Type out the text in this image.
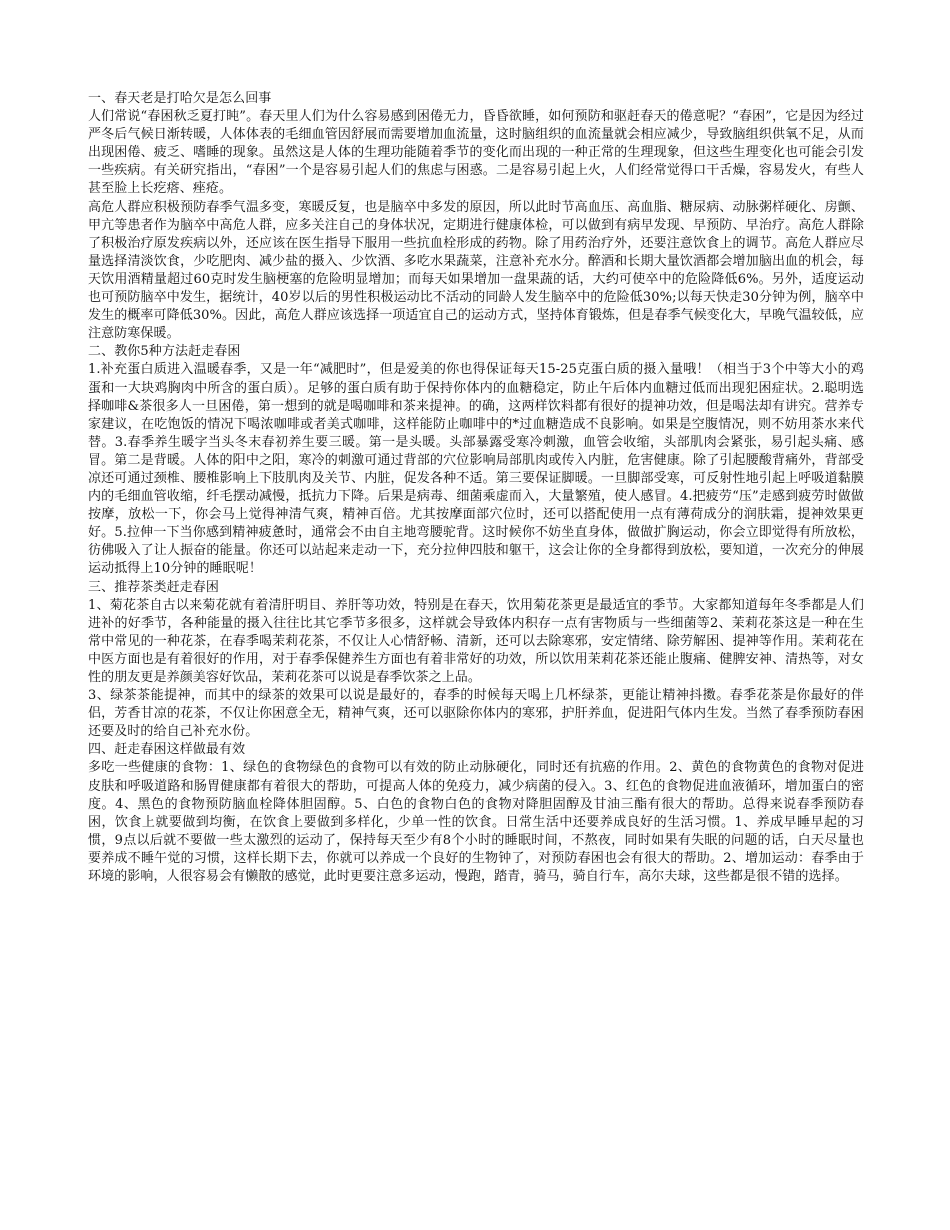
一、春天老是打哈欠是怎么回事

人们常说“春困秋乏夏打盹”。春天里人们为什么容易感到困倦无力，昏昏欲睡，如何预防和驱赶春天的倦意呢？“春困”，它是因为经过严冬后气候日渐转暖，人体体表的毛细血管因舒展而需要增加血流量，这时脑组织的血流量就会相应减少，导致脑组织供氧不足，从而出现困倦、疲乏、嗜睡的现象。虽然这是人体的生理功能随着季节的变化而出现的一种正常的生理现象，但这些生理变化也可能会引发一些疾病。有关研究指出，“春困”一个是容易引起人们的焦虑与困惑。二是容易引起上火，人们经常觉得口干舌燥，容易发火，有些人甚至脸上长疙瘩、痤疮。

高危人群应积极预防春季气温多变，寒暖反复，也是脑卒中多发的原因，所以此时节高血压、高血脂、糖尿病、动脉粥样硬化、房颤、甲亢等患者作为脑卒中高危人群，应多关注自己的身体状况，定期进行健康体检，可以做到有病早发现、早预防、早治疗。高危人群除了积极治疗原发疾病以外，还应该在医生指导下服用一些抗血栓形成的药物。除了用药治疗外，还要注意饮食上的调节。高危人群应尽量选择清淡饮食，少吃肥肉、减少盐的摄入、少饮酒、多吃水果蔬菜，注意补充水分。醉酒和长期大量饮酒都会增加脑出血的机会，每天饮用酒精量超过60克时发生脑梗塞的危险明显增加；而每天如果增加一盘果蔬的话，大约可使卒中的危险降低6%。另外，适度运动也可预防脑卒中发生，据统计，40岁以后的男性积极运动比不活动的同龄人发生脑卒中的危险低30%;以每天快走30分钟为例，脑卒中发生的概率可降低30%。因此，高危人群应该选择一项适宜自己的运动方式，坚持体育锻炼，但是春季气候变化大，早晚气温较低，应注意防寒保暖。

二、教你5种方法赶走春困

1.补充蛋白质进入温暖春季，又是一年“减肥时”，但是爱美的你也得保证每天15-25克蛋白质的摄入量哦！（相当于3个中等大小的鸡蛋和一大块鸡胸肉中所含的蛋白质）。足够的蛋白质有助于保持你体内的血糖稳定，防止午后体内血糖过低而出现犯困症状。2.聪明选择咖啡&茶很多人一旦困倦，第一想到的就是喝咖啡和茶来提神。的确，这两样饮料都有很好的提神功效，但是喝法却有讲究。营养专家建议，在吃饱饭的情况下喝浓咖啡或者美式咖啡，这样能防止咖啡中的*过血糖造成不良影响。如果是空腹情况，则不妨用茶水来代替。3.春季养生暖字当头冬末春初养生要三暖。第一是头暖。头部暴露受寒冷刺激，血管会收缩，头部肌肉会紧张，易引起头痛、感冒。第二是背暖。人体的阳中之阳，寒冷的刺激可通过背部的穴位影响局部肌肉或传入内脏，危害健康。除了引起腰酸背痛外，背部受凉还可通过颈椎、腰椎影响上下肢肌肉及关节、内脏，促发各种不适。第三要保证脚暖。一旦脚部受寒，可反射性地引起上呼吸道黏膜内的毛细血管收缩，纤毛摆动减慢，抵抗力下降。后果是病毒、细菌乘虚而入，大量繁殖，使人感冒。4.把疲劳“压”走感到疲劳时做做按摩，放松一下，你会马上觉得神清气爽，精神百倍。尤其按摩面部穴位时，还可以搭配使用一点有薄荷成分的润肤霜，提神效果更好。5.拉伸一下当你感到精神疲惫时，通常会不由自主地弯腰驼背。这时候你不妨坐直身体，做做扩胸运动，你会立即觉得有所放松，彷佛吸入了让人振奋的能量。你还可以站起来走动一下，充分拉伸四肢和躯干，这会让你的全身都得到放松，要知道，一次充分的伸展运动抵得上10分钟的睡眠呢！

三、推荐茶类赶走春困

1、菊花茶自古以来菊花就有着清肝明目、养肝等功效，特别是在春天，饮用菊花茶更是最适宜的季节。大家都知道每年冬季都是人们进补的好季节，各种能量的摄入往往比其它季节多很多，这样就会导致体内积存一点有害物质与一些细菌等2、茉莉花茶这是一种在生常中常见的一种花茶，在春季喝茉莉花茶，不仅让人心情舒畅、清新，还可以去除寒邪，安定情绪、除劳解困、提神等作用。茉莉花在中医方面也是有着很好的作用，对于春季保健养生方面也有着非常好的功效，所以饮用茉莉花茶还能止腹痛、健脾安神、清热等，对女性的朋友更是养颜美容好饮品，茉莉花茶可以说是春季饮茶之上品。

3、绿茶茶能提神，而其中的绿茶的效果可以说是最好的，春季的时候每天喝上几杯绿茶，更能让精神抖擞。春季花茶是你最好的伴侣，芳香甘凉的花茶，不仅让你困意全无，精神气爽，还可以驱除你体内的寒邪，护肝养血，促进阳气体内生发。当然了春季预防春困还要及时的给自己补充水份。

四、赶走春困这样做最有效

多吃一些健康的食物：1、绿色的食物绿色的食物可以有效的防止动脉硬化，同时还有抗癌的作用。2、黄色的食物黄色的食物对促进皮肤和呼吸道路和肠胃健康都有着很大的帮助，可提高人体的免疫力，减少病菌的侵入。3、红色的食物促进血液循环，增加蛋白的密度。4、黑色的食物预防脑血栓降体胆固醇。5、白色的食物白色的食物对降胆固醇及甘油三酯有很大的帮助。总得来说春季预防春困，饮食上就要做到均衡，在饮食上要做到多样化，少单一性的饮食。日常生活中还要养成良好的生活习惯。1、养成早睡早起的习惯，9点以后就不要做一些太激烈的运动了，保持每天至少有8个小时的睡眠时间，不熬夜，同时如果有失眠的问题的话，白天尽量也要养成不睡午觉的习惯，这样长期下去，你就可以养成一个良好的生物钟了，对预防春困也会有很大的帮助。2、增加运动：春季由于环境的影响，人很容易会有懒散的感觉，此时更要注意多运动，慢跑，踏青，骑马，骑自行车，高尔夫球，这些都是很不错的选择。
